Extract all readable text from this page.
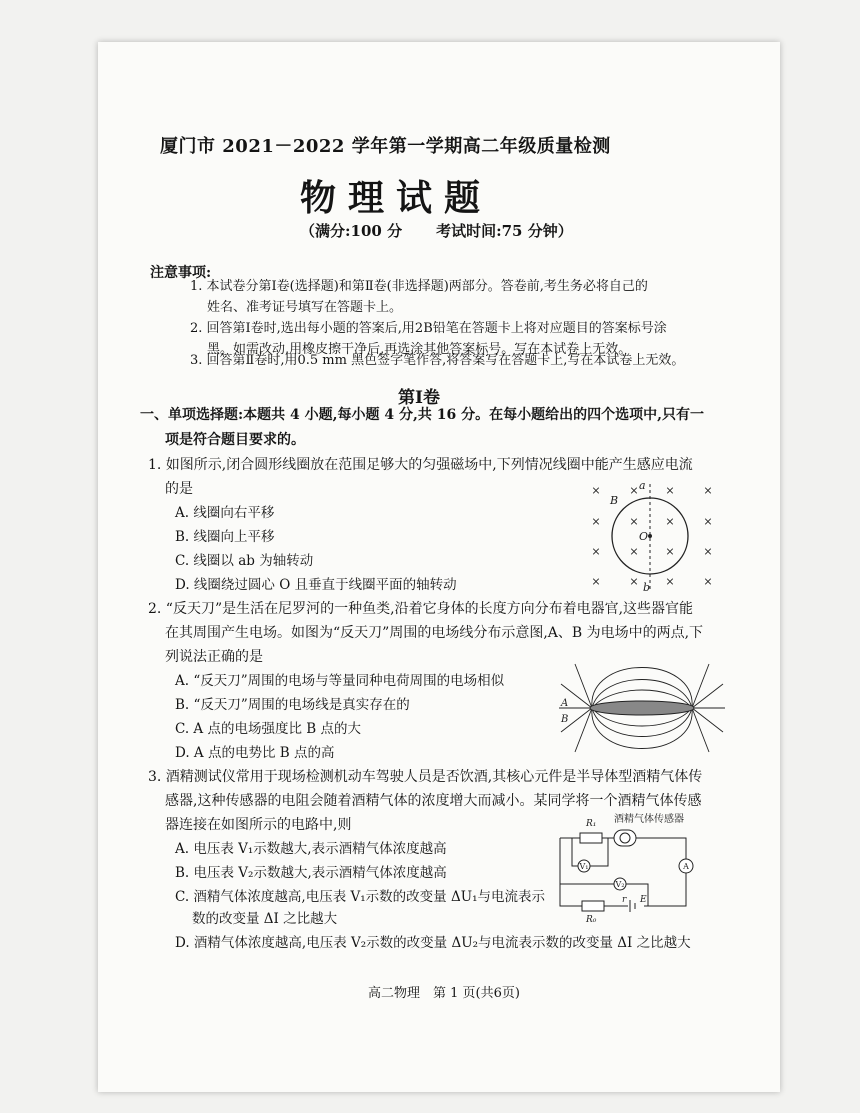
厦门市 2021－2022 学年第一学期高二年级质量检测
物理试题
（满分:100 分 考试时间:75 分钟）
注意事项:
1. 本试卷分第Ⅰ卷(选择题)和第Ⅱ卷(非选择题)两部分。答卷前,考生务必将自己的
姓名、准考证号填写在答题卡上。
2. 回答第Ⅰ卷时,选出每小题的答案后,用2B铅笔在答题卡上将对应题目的答案标号涂
黑。如需改动,用橡皮擦干净后,再选涂其他答案标号。写在本试卷上无效。
3. 回答第Ⅱ卷时,用0.5 mm 黑色签字笔作答,将答案写在答题卡上,写在本试卷上无效。
第Ⅰ卷
一、单项选择题:本题共 4 小题,每小题 4 分,共 16 分。在每小题给出的四个选项中,只有一
项是符合题目要求的。
1. 如图所示,闭合圆形线圈放在范围足够大的匀强磁场中,下列情况线圈中能产生感应电流
的是
A. 线圈向右平移
B. 线圈向上平移
C. 线圈以 ab 为轴转动
D. 线圈绕过圆心 O 且垂直于线圈平面的轴转动
×	× ×	×
×	× ×	×
×	× ×	×
×	× ×	×
a
b
B
O
2. “反天刀”是生活在尼罗河的一种鱼类,沿着它身体的长度方向分布着电器官,这些器官能
在其周围产生电场。如图为“反天刀”周围的电场线分布示意图,A、B 为电场中的两点,下
列说法正确的是
A. “反天刀”周围的电场与等量同种电荷周围的电场相似
B. “反天刀”周围的电场线是真实存在的
C. A 点的电场强度比 B 点的大
D. A 点的电势比 B 点的高
A
B
3. 酒精测试仪常用于现场检测机动车驾驶人员是否饮酒,其核心元件是半导体型酒精气体传
感器,这种传感器的电阻会随着酒精气体的浓度增大而减小。某同学将一个酒精气体传感
器连接在如图所示的电路中,则
A. 电压表 V₁示数越大,表示酒精气体浓度越高
B. 电压表 V₂示数越大,表示酒精气体浓度越高
C. 酒精气体浓度越高,电压表 V₁示数的改变量 ΔU₁与电流表示
数的改变量 ΔI 之比越大
D. 酒精气体浓度越高,电压表 V₂示数的改变量 ΔU₂与电流表示数的改变量 ΔI 之比越大
V₁
V₂
A
R₁
R₀
r E
酒精气体传感器
高二物理　第 1 页(共6页)
